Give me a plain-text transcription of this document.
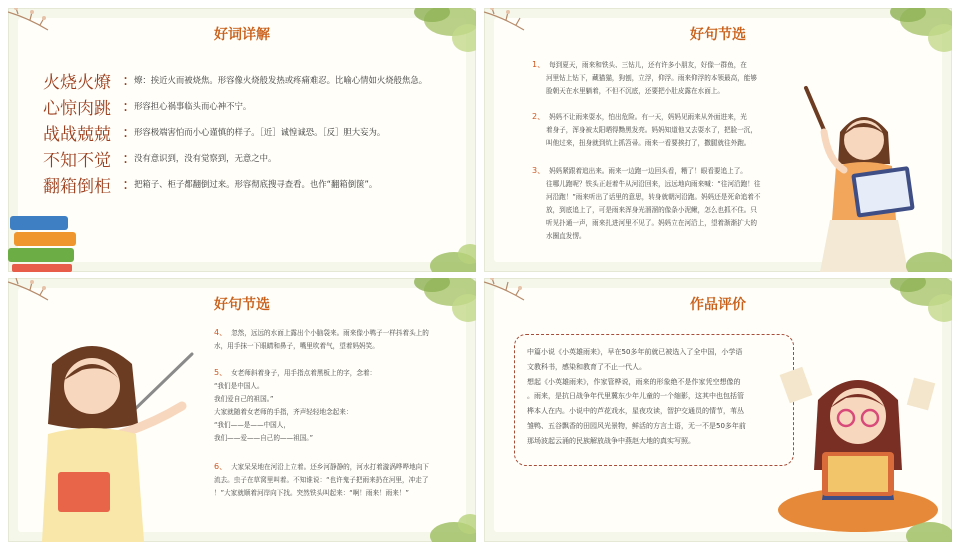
好词详解
火烧火燎 : 燎：挨近火而被烧焦。形容像火烧般发热或疼痛难忍。比喻心情如火烧般焦急。
心惊肉跳 : 形容担心祸事临头而心神不宁。
战战兢兢 : 形容极端害怕而小心谨慎的样子。［近］诚惶诚恐。［反］胆大妄为。
不知不觉 : 没有意识到，没有觉察到，无意之中。
翻箱倒柜 : 把箱子、柜子都翻倒过来。形容彻底搜寻查看。也作“翻箱倒箧”。
好句节选
1、 每到夏天，雨来和铁头、三钻儿，还有许多小朋友，好像一群鱼，在
河里钻上钻下，藏猫猫，狗刨，立浮，仰浮。雨来仰浮的本领最高，能够
脸朝天在水里躺着，不但不沉底，还要把小肚皮露在水面上。
2、 妈妈不让雨来耍水，怕出危险。有一天，妈妈见雨来从外面进来，光
着身子，浑身被太阳晒得黝黑发亮。妈妈知道他又去耍水了，把脸一沉，
叫他过来，扭身就到炕上抓笤帚。雨来一看要挨打了，撒腿就往外跑。
3、 妈妈紧跟着追出来。雨来一边跑一边回头看，糟了！眼看要追上了。
往哪儿跑呢？铁头正赶着牛从河沿回来，远远地向雨来喊：“往河沿跑！往
河沿跑！”雨来听出了话里的意思，转身就朝河沿跑。妈妈还是死命追着不
放，到底追上了，可是雨来浑身光溜溜的像条小泥鳅，怎么也抓不住。只
听见扑通一声，雨来扎进河里不见了。妈妈立在河沿上，望着渐渐扩大的
水圈直发愣。
好句节选
4、 忽然，远远的水面上露出个小脑袋来。雨来像小鸭子一样抖着头上的
水，用手抹一下眼睛和鼻子，嘴里吹着气，望着妈妈笑。
5、 女老师斜着身子，用手指点着黑板上的字，念着：
“我们是中国人。
我们爱自己的祖国。”
大家就随着女老师的手指，齐声轻轻地念起来：
“我们——是——中国人，
我们——爱——自己的——祖国。”
6、 大家呆呆地在河沿上立着。还乡河静静的，河水打着漩涡哗哗地向下
流去。虫子在草窝里叫着。不知谁说：“也许鬼子把雨来扔在河里，冲走了
！”大家就顺着河岸向下找。突然铁头叫起来：“啊！雨来！雨来！”
作品评价
中篇小说《小英雄雨来》，早在50多年前就已被选入了全中国，小学语
文教科书，感染和教育了不止一代人。
想起《小英雄雨来》，作家管桦说，雨来的形象绝不是作家凭空想像的
。雨来，是抗日战争年代里冀东少年儿童的一个缩影，这其中也包括管
桦本人在内。小说中的芦花戏水，星夜攻读，智护交通员的情节，苇丛
雏鸭、五谷飘香的田园风光景物，鲜活的方言土语，无一不是50多年前
那场波起云涌的民族解放战争中燕赵大地的真实写照。
